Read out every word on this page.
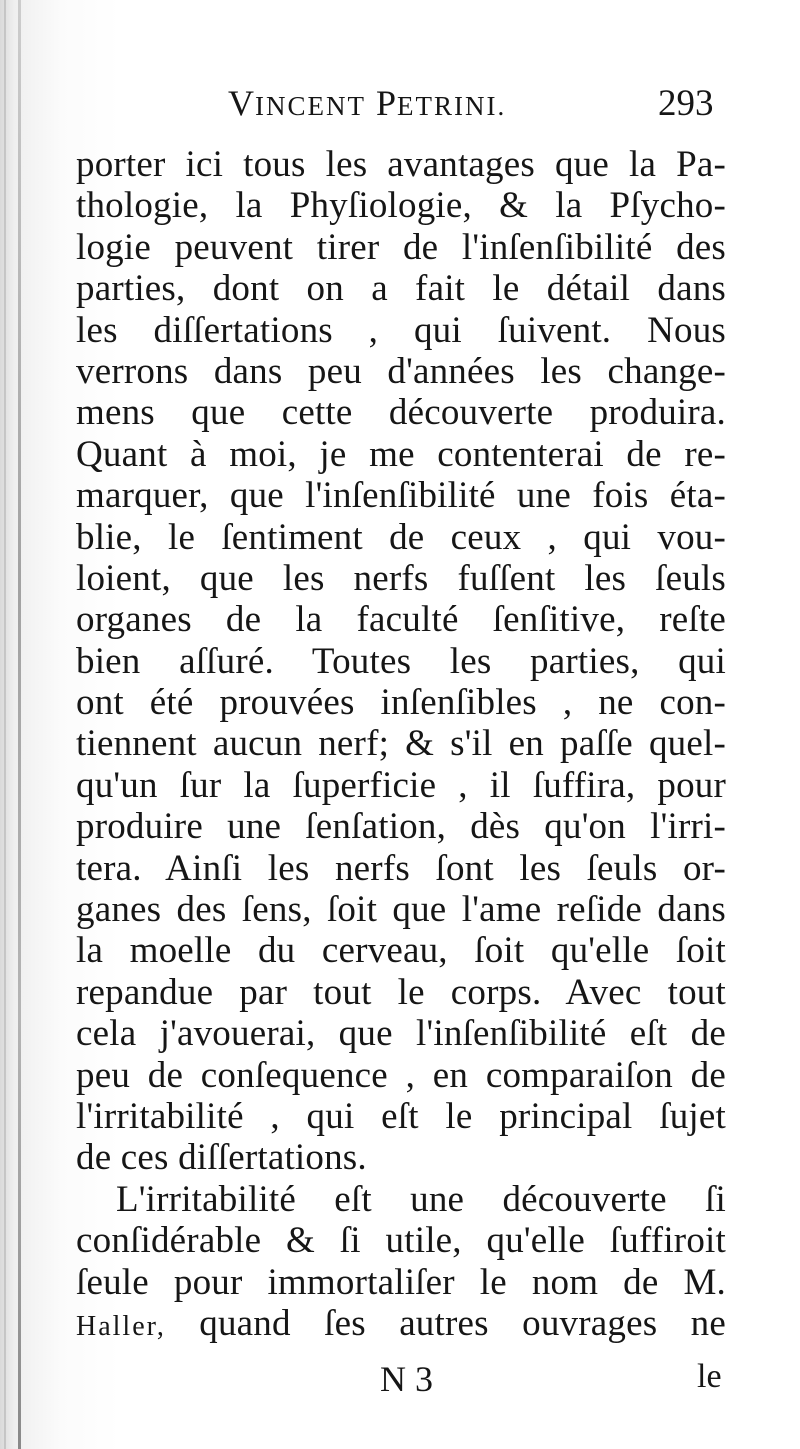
VINCENT PETRINI.	293
porter ici tous les avantages que la Pa-
thologie, la Phyſiologie, & la Pſycho-
logie peuvent tirer de l'inſenſibilité des
parties, dont on a fait le détail dans
les diſſertations , qui ſuivent. Nous
verrons dans peu d'années les change-
mens que cette découverte produira.
Quant à moi, je me contenterai de re-
marquer, que l'inſenſibilité une fois éta-
blie, le ſentiment de ceux , qui vou-
loient, que les nerfs fuſſent les ſeuls
organes de la faculté ſenſitive, reſte
bien aſſuré. Toutes les parties, qui
ont été prouvées inſenſibles , ne con-
tiennent aucun nerf; & s'il en paſſe quel-
qu'un ſur la ſuperficie , il ſuffira, pour
produire une ſenſation, dès qu'on l'irri-
tera. Ainſi les nerfs ſont les ſeuls or-
ganes des ſens, ſoit que l'ame reſide dans
la moelle du cerveau, ſoit qu'elle ſoit
repandue par tout le corps. Avec tout
cela j'avouerai, que l'inſenſibilité eſt de
peu de conſequence , en comparaiſon de
l'irritabilité , qui eſt le principal ſujet
de ces diſſertations.
L'irritabilité eſt une découverte ſi
conſidérable & ſi utile, qu'elle ſuffiroit
ſeule pour immortaliſer le nom de M.
Haller, quand ſes autres ouvrages ne
N 3	le
